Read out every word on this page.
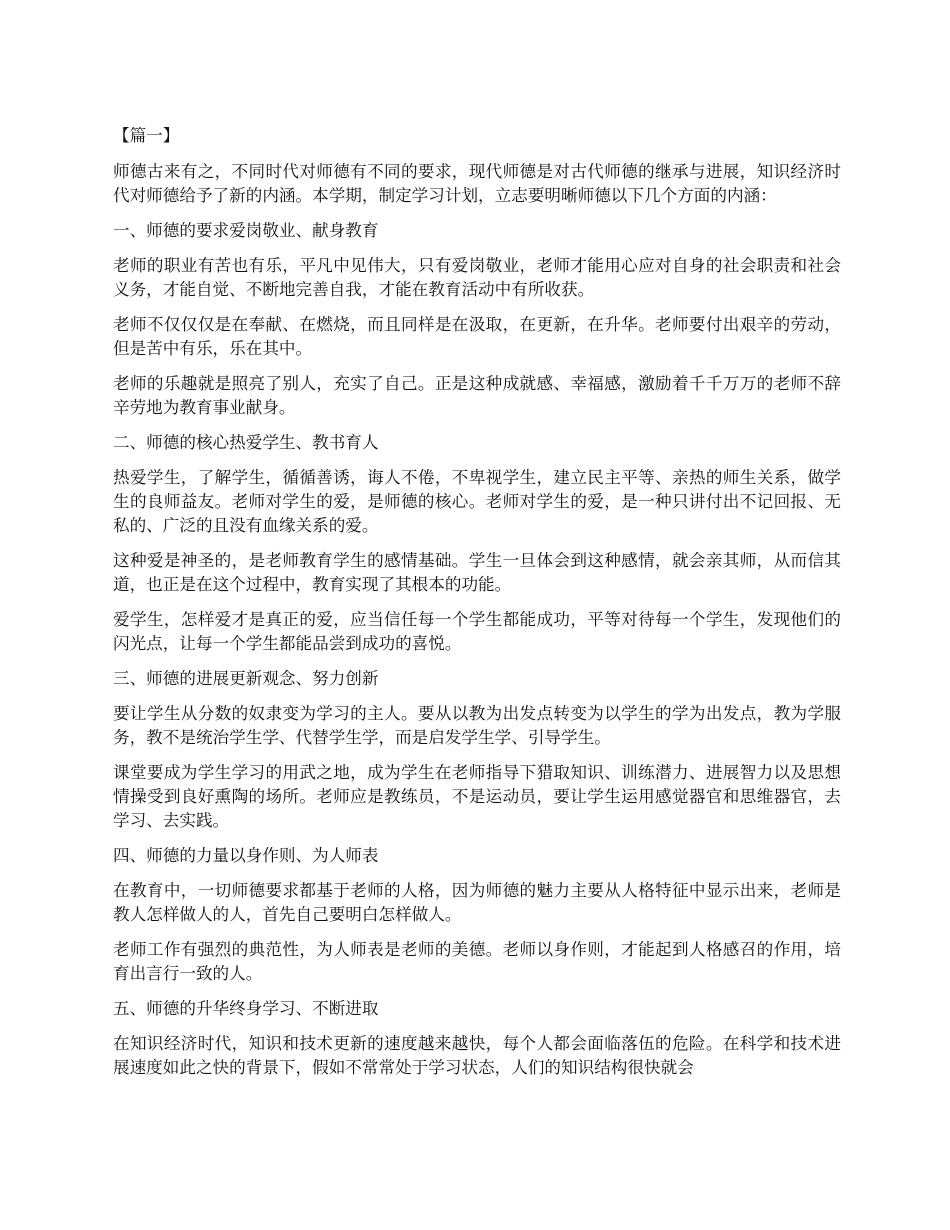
【篇一】

师德古来有之，不同时代对师德有不同的要求，现代师德是对古代师德的继承与进展，知识经济时代对师德给予了新的内涵。本学期，制定学习计划，立志要明晰师德以下几个方面的内涵：

一、师德的要求爱岗敬业、献身教育

老师的职业有苦也有乐，平凡中见伟大，只有爱岗敬业，老师才能用心应对自身的社会职责和社会义务，才能自觉、不断地完善自我，才能在教育活动中有所收获。

老师不仅仅仅是在奉献、在燃烧，而且同样是在汲取，在更新，在升华。老师要付出艰辛的劳动，但是苦中有乐，乐在其中。

老师的乐趣就是照亮了别人，充实了自己。正是这种成就感、幸福感，激励着千千万万的老师不辞辛劳地为教育事业献身。

二、师德的核心热爱学生、教书育人

热爱学生，了解学生，循循善诱，诲人不倦，不卑视学生，建立民主平等、亲热的师生关系，做学生的良师益友。老师对学生的爱，是师德的核心。老师对学生的爱，是一种只讲付出不记回报、无私的、广泛的且没有血缘关系的爱。

这种爱是神圣的，是老师教育学生的感情基础。学生一旦体会到这种感情，就会亲其师，从而信其道，也正是在这个过程中，教育实现了其根本的功能。

爱学生，怎样爱才是真正的爱，应当信任每一个学生都能成功，平等对待每一个学生，发现他们的闪光点，让每一个学生都能品尝到成功的喜悦。

三、师德的进展更新观念、努力创新

要让学生从分数的奴隶变为学习的主人。要从以教为出发点转变为以学生的学为出发点，教为学服务，教不是统治学生学、代替学生学，而是启发学生学、引导学生。

课堂要成为学生学习的用武之地，成为学生在老师指导下猎取知识、训练潜力、进展智力以及思想情操受到良好熏陶的场所。老师应是教练员，不是运动员，要让学生运用感觉器官和思维器官，去学习、去实践。

四、师德的力量以身作则、为人师表

在教育中，一切师德要求都基于老师的人格，因为师德的魅力主要从人格特征中显示出来，老师是教人怎样做人的人，首先自己要明白怎样做人。

老师工作有强烈的典范性，为人师表是老师的美德。老师以身作则，才能起到人格感召的作用，培育出言行一致的人。

五、师德的升华终身学习、不断进取

在知识经济时代，知识和技术更新的速度越来越快，每个人都会面临落伍的危险。在科学和技术进展速度如此之快的背景下，假如不常常处于学习状态，人们的知识结构很快就会
